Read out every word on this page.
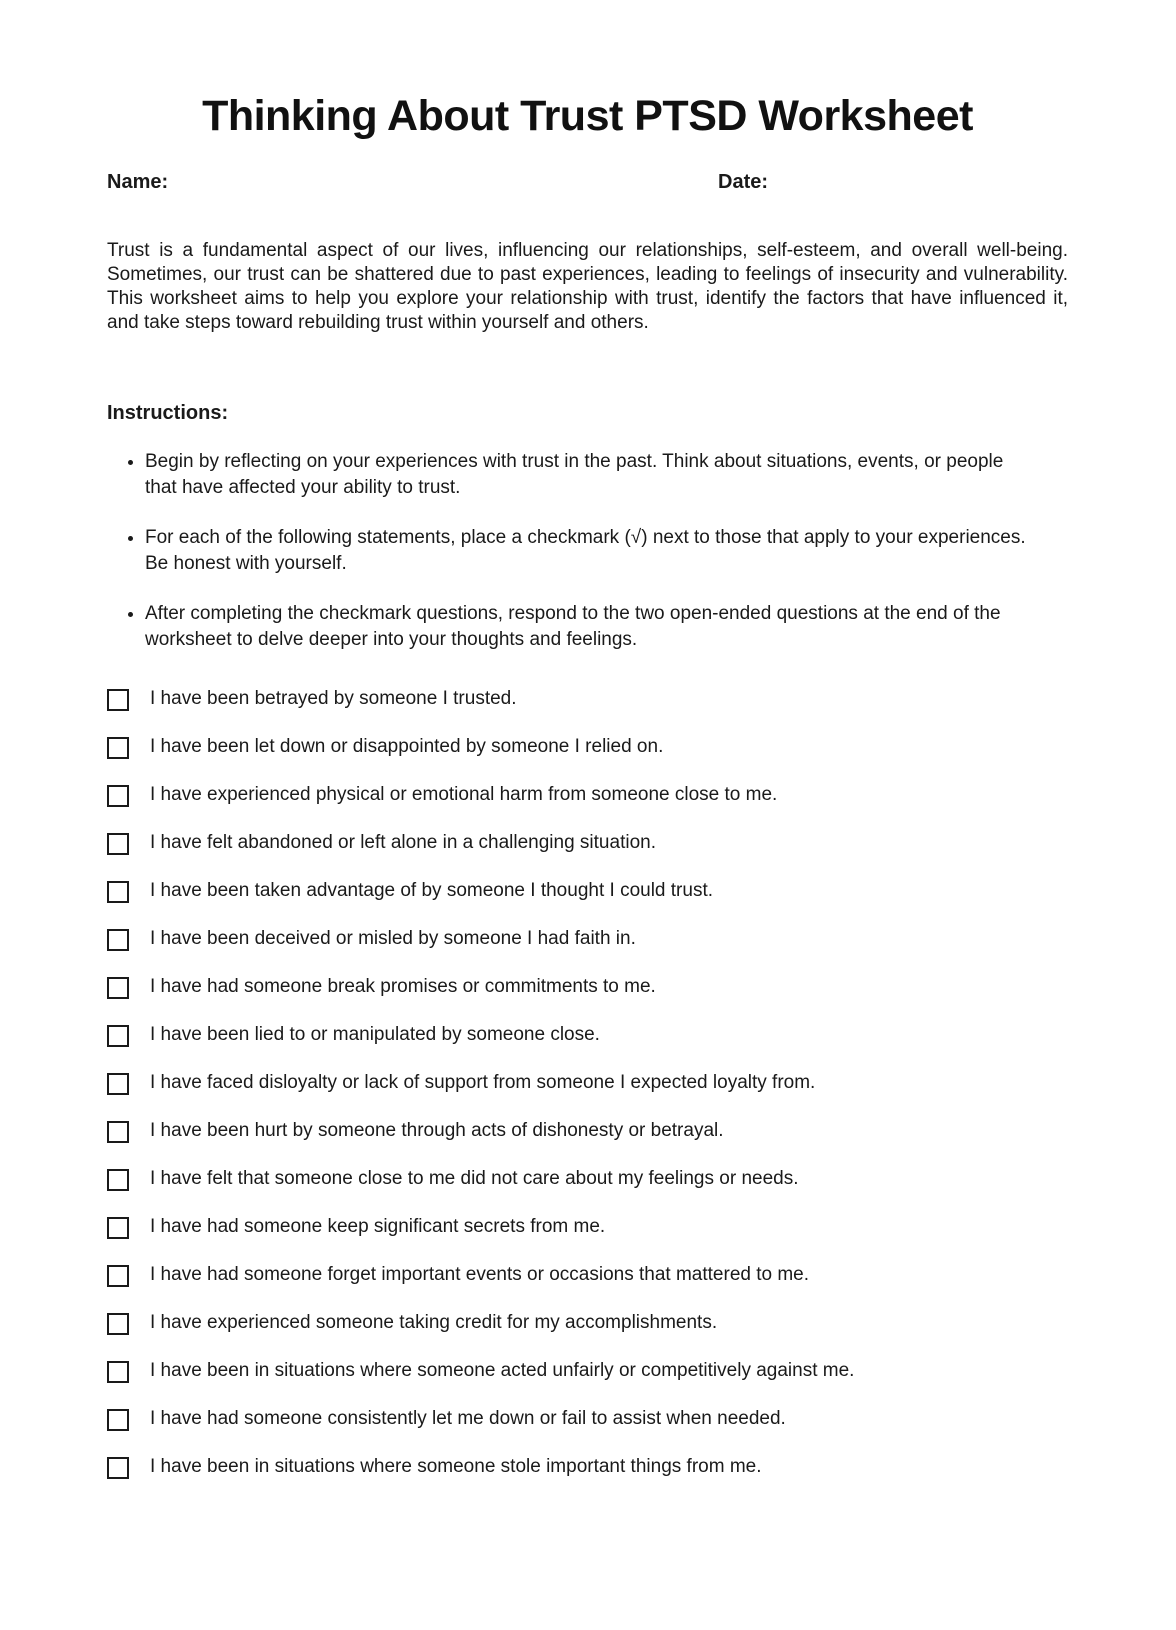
Thinking About Trust PTSD Worksheet
Name:	Date:

Trust is a fundamental aspect of our lives, influencing our relationships, self-esteem, and overall well-being. Sometimes, our trust can be shattered due to past experiences, leading to feelings of insecurity and vulnerability. This worksheet aims to help you explore your relationship with trust, identify the factors that have influenced it, and take steps toward rebuilding trust within yourself and others.

Instructions:
• Begin by reflecting on your experiences with trust in the past. Think about situations, events, or people that have affected your ability to trust.
• For each of the following statements, place a checkmark (√) next to those that apply to your experiences. Be honest with yourself.
• After completing the checkmark questions, respond to the two open-ended questions at the end of the worksheet to delve deeper into your thoughts and feelings.
I have been betrayed by someone I trusted.
I have been let down or disappointed by someone I relied on.
I have experienced physical or emotional harm from someone close to me.
I have felt abandoned or left alone in a challenging situation.
I have been taken advantage of by someone I thought I could trust.
I have been deceived or misled by someone I had faith in.
I have had someone break promises or commitments to me.
I have been lied to or manipulated by someone close.
I have faced disloyalty or lack of support from someone I expected loyalty from.
I have been hurt by someone through acts of dishonesty or betrayal.
I have felt that someone close to me did not care about my feelings or needs.
I have had someone keep significant secrets from me.
I have had someone forget important events or occasions that mattered to me.
I have experienced someone taking credit for my accomplishments.
I have been in situations where someone acted unfairly or competitively against me.
I have had someone consistently let me down or fail to assist when needed.
I have been in situations where someone stole important things from me.
